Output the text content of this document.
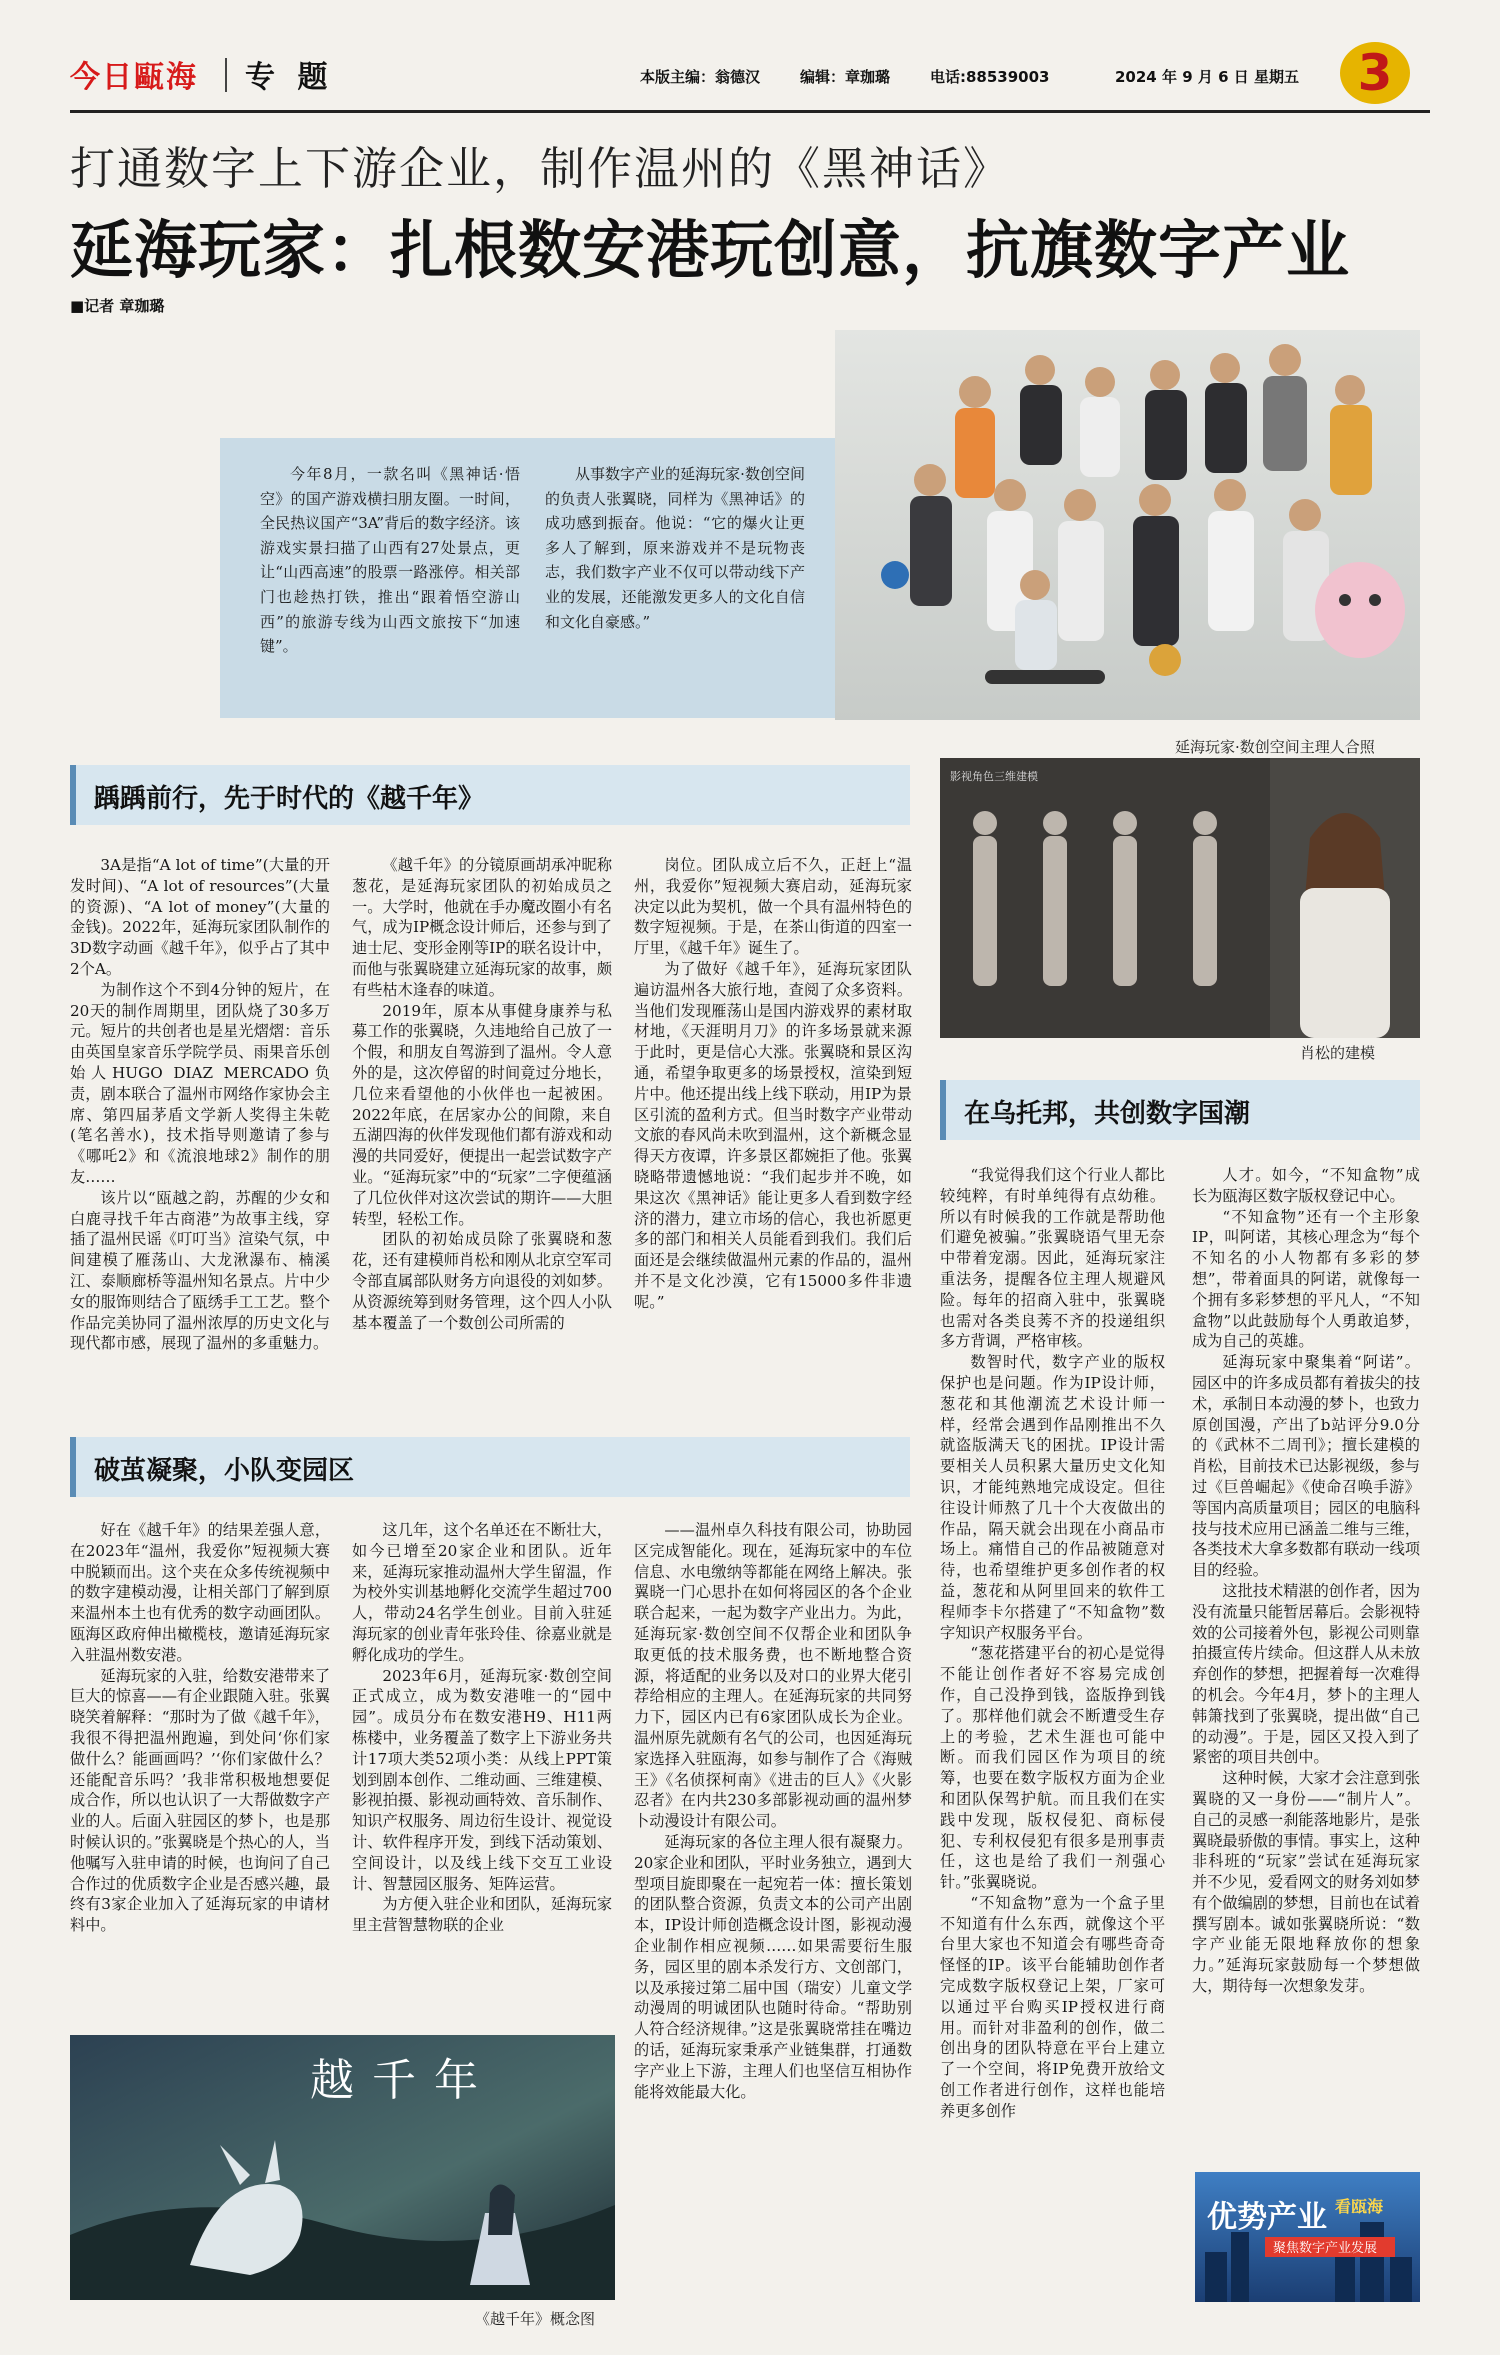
今日甌海 专 题	本版主编：翁德汉	编辑：章珈璐	电话:88539003	2024 年 9 月 6 日 星期五	3
打通数字上下游企业，制作温州的《黑神话》
延海玩家：扎根数安港玩创意，抗旗数字产业
■记者 章珈璐
今年8月，一款名叫《黑神话·悟空》的国产游戏横扫朋友圈。一时间，全民热议国产“3A”背后的数字经济。该游戏实景扫描了山西有27处景点，更让“山西高速”的股票一路涨停。相关部门也趁热打铁，推出“跟着悟空游山西”的旅游专线为山西文旅按下“加速键”。
从事数字产业的延海玩家·数创空间的负责人张翼晓，同样为《黑神话》的成功感到振奋。他说：“它的爆火让更多人了解到，原来游戏并不是玩物丧志，我们数字产业不仅可以带动线下产业的发展，还能激发更多人的文化自信和文化自豪感。”
延海玩家·数创空间主理人合照
踽踽前行，先于时代的《越千年》

3A是指“A lot of time”(大量的开发时间)、“A lot of resources”(大量的资源)、“A lot of money”(大量的金钱)。2022年，延海玩家团队制作的3D数字动画《越千年》，似乎占了其中2个A。

为制作这个不到4分钟的短片，在20天的制作周期里，团队烧了30多万元。短片的共创者也是星光熠熠：音乐由英国皇家音乐学院学员、雨果音乐创始人HUGO DIAZ MERCADO负责，剧本联合了温州市网络作家协会主席、第四届茅盾文学新人奖得主朱乾(笔名善水)，技术指导则邀请了参与《哪吒2》和《流浪地球2》制作的朋友……

该片以“瓯越之韵，苏醒的少女和白鹿寻找千年古商港”为故事主线，穿插了温州民谣《叮叮当》渲染气氛，中间建模了雁荡山、大龙湫瀑布、楠溪江、泰顺廊桥等温州知名景点。片中少女的服饰则结合了瓯绣手工工艺。整个作品完美协同了温州浓厚的历史文化与现代都市感，展现了温州的多重魅力。

《越千年》的分镜原画胡承冲昵称葱花，是延海玩家团队的初始成员之一。大学时，他就在手办魔改圈小有名气，成为IP概念设计师后，还参与到了迪士尼、变形金刚等IP的联名设计中，而他与张翼晓建立延海玩家的故事，颇有些枯木逢春的味道。

2019年，原本从事健身康养与私募工作的张翼晓，久违地给自己放了一个假，和朋友自驾游到了温州。令人意外的是，这次停留的时间竟过分地长，几位来看望他的小伙伴也一起被困。2022年底，在居家办公的间隙，来自五湖四海的伙伴发现他们都有游戏和动漫的共同爱好，便提出一起尝试数字产业。“延海玩家”中的“玩家”二字便蕴涵了几位伙伴对这次尝试的期许——大胆转型，轻松工作。

团队的初始成员除了张翼晓和葱花，还有建模师肖松和刚从北京空军司令部直属部队财务方向退役的刘如梦。从资源统筹到财务管理，这个四人小队基本覆盖了一个数创公司所需的

岗位。团队成立后不久，正赶上“温州，我爱你”短视频大赛启动，延海玩家决定以此为契机，做一个具有温州特色的数字短视频。于是，在茶山街道的四室一厅里，《越千年》诞生了。

为了做好《越千年》，延海玩家团队遍访温州各大旅行地，查阅了众多资料。当他们发现雁荡山是国内游戏界的素材取材地，《天涯明月刀》的许多场景就来源于此时，更是信心大涨。张翼晓和景区沟通，希望争取更多的场景授权，渲染到短片中。他还提出线上线下联动，用IP为景区引流的盈利方式。但当时数字产业带动文旅的春风尚未吹到温州，这个新概念显得天方夜谭，许多景区都婉拒了他。张翼晓略带遗憾地说：“我们起步并不晚，如果这次《黑神话》能让更多人看到数字经济的潜力，建立市场的信心，我也祈愿更多的部门和相关人员能看到我们。我们后面还是会继续做温州元素的作品的，温州并不是文化沙漠，它有15000多件非遗呢。”

影视角色三维建模
肖松的建模
在乌托邦，共创数字国潮

“我觉得我们这个行业人都比较纯粹，有时单纯得有点幼稚。所以有时候我的工作就是帮助他们避免被骗。”张翼晓语气里无奈中带着宠溺。因此，延海玩家注重法务，提醒各位主理人规避风险。每年的招商入驻中，张翼晓也需对各类良莠不齐的投递组织多方背调，严格审核。

数智时代，数字产业的版权保护也是问题。作为IP设计师，葱花和其他潮流艺术设计师一样，经常会遇到作品刚推出不久就盗版满天飞的困扰。IP设计需要相关人员积累大量历史文化知识，才能纯熟地完成设定。但往往设计师熬了几十个大夜做出的作品，隔天就会出现在小商品市场上。痛惜自己的作品被随意对待，也希望维护更多创作者的权益，葱花和从阿里回来的软件工程师李卡尔搭建了“不知盒物”数字知识产权服务平台。

“葱花搭建平台的初心是觉得不能让创作者好不容易完成创作，自己没挣到钱，盗版挣到钱了。那样他们就会不断遭受生存上的考验，艺术生涯也可能中断。而我们园区作为项目的统筹，也要在数字版权方面为企业和团队保驾护航。而且我们在实践中发现，版权侵犯、商标侵犯、专利权侵犯有很多是刑事责任，这也是给了我们一剂强心针。”张翼晓说。

“不知盒物”意为一个盒子里不知道有什么东西，就像这个平台里大家也不知道会有哪些奇奇怪怪的IP。该平台能辅助创作者完成数字版权登记上架，厂家可以通过平台购买IP授权进行商用。而针对非盈利的创作，做二创出身的团队特意在平台上建立了一个空间，将IP免费开放给文创工作者进行创作，这样也能培养更多创作

人才。如今，“不知盒物”成长为瓯海区数字版权登记中心。

“不知盒物”还有一个主形象IP，叫阿诺，其核心理念为“每个不知名的小人物都有多彩的梦想”，带着面具的阿诺，就像每一个拥有多彩梦想的平凡人，“不知盒物”以此鼓励每个人勇敢追梦，成为自己的英雄。

延海玩家中聚集着“阿诺”。园区中的许多成员都有着拔尖的技术，承制日本动漫的梦卜，也致力原创国漫，产出了b站评分9.0分的《武林不二周刊》；擅长建模的肖松，目前技术已达影视级，参与过《巨兽崛起》《使命召唤手游》等国内高质量项目；园区的电脑科技与技术应用已涵盖二维与三维，各类技术大拿多数都有联动一线项目的经验。

这批技术精湛的创作者，因为没有流量只能暂居幕后。会影视特效的公司接着外包，影视公司则靠拍摄宣传片续命。但这群人从未放弃创作的梦想，把握着每一次难得的机会。今年4月，梦卜的主理人韩箫找到了张翼晓，提出做“自己的动漫”。于是，园区又投入到了紧密的项目共创中。

这种时候，大家才会注意到张翼晓的又一身份——“制片人”。自己的灵感一刹能落地影片，是张翼晓最骄傲的事情。事实上，这种非科班的“玩家”尝试在延海玩家并不少见，爱看网文的财务刘如梦有个做编剧的梦想，目前也在试着撰写剧本。诚如张翼晓所说：“数字产业能无限地释放你的想象力。”延海玩家鼓励每一个梦想做大，期待每一次想象发芽。

优势产业 看瓯海
聚焦数字产业发展
破茧凝聚，小队变园区

好在《越千年》的结果差强人意，在2023年“温州，我爱你”短视频大赛中脱颖而出。这个夹在众多传统视频中的数字建模动漫，让相关部门了解到原来温州本土也有优秀的数字动画团队。瓯海区政府伸出橄榄枝，邀请延海玩家入驻温州数安港。

延海玩家的入驻，给数安港带来了巨大的惊喜——有企业跟随入驻。张翼晓笑着解释：“那时为了做《越千年》，我很不得把温州跑遍，到处问‘你们家做什么？能画画吗？’‘你们家做什么？还能配音乐吗？’我非常积极地想要促成合作，所以也认识了一大帮做数字产业的人。后面入驻园区的梦卜，也是那时候认识的。”张翼晓是个热心的人，当他嘱写入驻申请的时候，也询问了自己合作过的优质数字企业是否感兴趣，最终有3家企业加入了延海玩家的申请材料中。

这几年，这个名单还在不断壮大，如今已增至20家企业和团队。近年来，延海玩家推动温州大学生留温，作为校外实训基地孵化交流学生超过700人，带动24名学生创业。目前入驻延海玩家的创业青年张玲佳、徐嘉业就是孵化成功的学生。

2023年6月，延海玩家·数创空间正式成立，成为数安港唯一的“园中园”。成员分布在数安港H9、H11两栋楼中，业务覆盖了数字上下游业务共计17项大类52项小类：从线上PPT策划到剧本创作、二维动画、三维建模、影视拍摄、影视动画特效、音乐制作、知识产权服务、周边衍生设计、视觉设计、软件程序开发，到线下活动策划、空间设计，以及线上线下交互工业设计、智慧园区服务、矩阵运营。

为方便入驻企业和团队，延海玩家里主营智慧物联的企业

——温州卓久科技有限公司，协助园区完成智能化。现在，延海玩家中的车位信息、水电缴纳等都能在网络上解决。张翼晓一门心思扑在如何将园区的各个企业联合起来，一起为数字产业出力。为此，延海玩家·数创空间不仅帮企业和团队争取更低的技术服务费，也不断地整合资源，将适配的业务以及对口的业界大佬引荐给相应的主理人。在延海玩家的共同努力下，园区内已有6家团队成长为企业。温州原先就颇有名气的公司，也因延海玩家选择入驻瓯海，如参与制作了合《海贼王》《名侦探柯南》《进击的巨人》《火影忍者》在内共230多部影视动画的温州梦卜动漫设计有限公司。

延海玩家的各位主理人很有凝聚力。20家企业和团队，平时业务独立，遇到大型项目旋即聚在一起宛若一体：擅长策划的团队整合资源，负责文本的公司产出剧本，IP设计师创造概念设计图，影视动漫企业制作相应视频……如果需要衍生服务，园区里的剧本杀发行方、文创部门，以及承接过第二届中国（瑞安）儿童文学动漫周的明诚团队也随时待命。“帮助别人符合经济规律。”这是张翼晓常挂在嘴边的话，延海玩家秉承产业链集群，打通数字产业上下游，主理人们也坚信互相协作能将效能最大化。

越千年
《越千年》概念图
